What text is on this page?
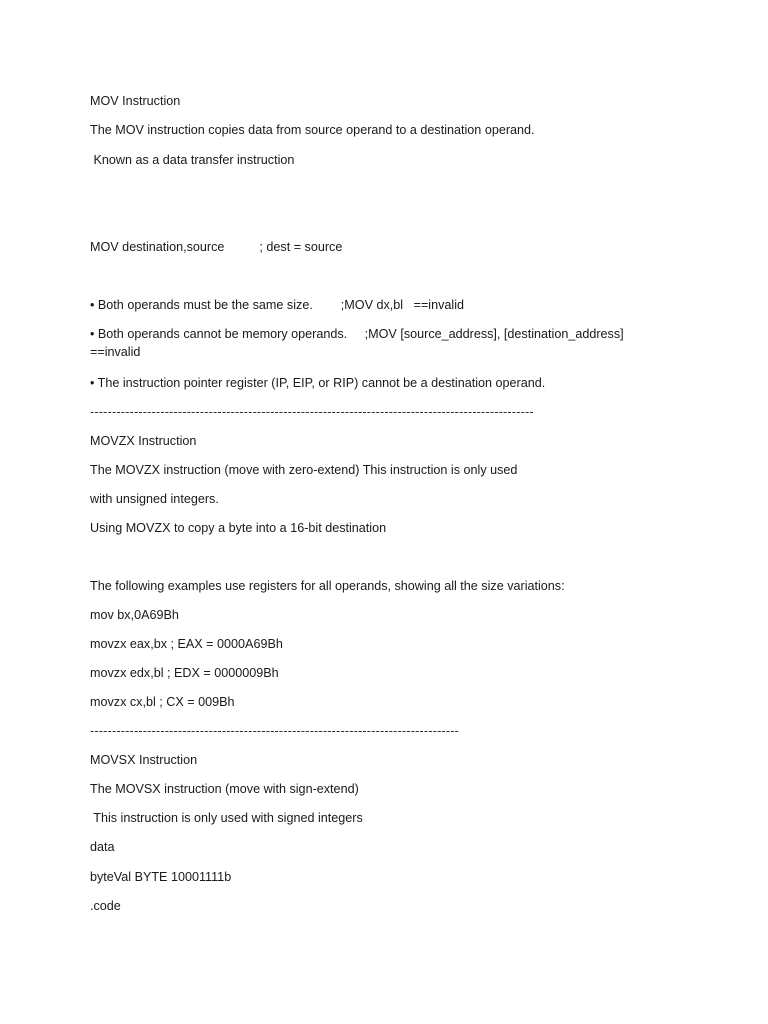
MOV Instruction

The MOV instruction copies data from source operand to a destination operand.

Known as a data transfer instruction

MOV destination,source          ; dest = source

• Both operands must be the same size.        ;MOV dx,bl   ==invalid

• Both operands cannot be memory operands.     ;MOV [source_address], [destination_address] ==invalid

• The instruction pointer register (IP, EIP, or RIP) cannot be a destination operand.

-----------------------------------------------------------------------------------------------------

MOVZX Instruction

The MOVZX instruction (move with zero-extend) This instruction is only used

with unsigned integers.

Using MOVZX to copy a byte into a 16-bit destination

The following examples use registers for all operands, showing all the size variations:

mov bx,0A69Bh

movzx eax,bx ; EAX = 0000A69Bh

movzx edx,bl ; EDX = 0000009Bh

movzx cx,bl ; CX = 009Bh

------------------------------------------------------------------------------------

MOVSX Instruction

The MOVSX instruction (move with sign-extend)

This instruction is only used with signed integers

data

byteVal BYTE 10001111b

.code
